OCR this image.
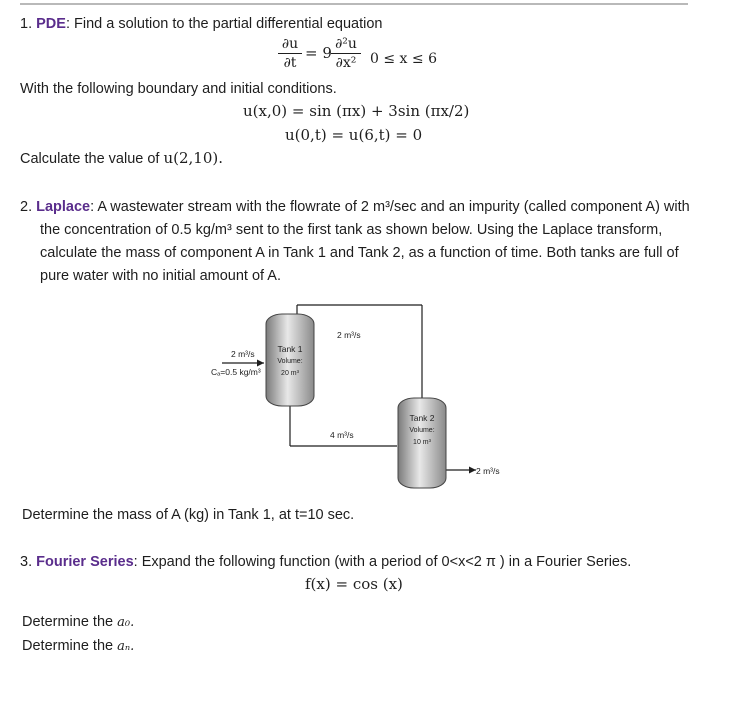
1. PDE: Find a solution to the partial differential equation
∂u
∂t
= 9 ∂²u
∂x² 0 ≤ x ≤ 6
With the following boundary and initial conditions.
u(x,0) = sin (πx) + 3sin (πx/2)
u(0,t) = u(6,t) = 0
Calculate the value of u(2,10).
2. Laplace: A wastewater stream with the flowrate of 2 m³/sec and an impurity (called component A) with
the concentration of 0.5 kg/m³ sent to the first tank as shown below. Using the Laplace transform,
calculate the mass of component A in Tank 1 and Tank 2, as a function of time. Both tanks are full of
pure water with no initial amount of A.
2 m³/s
Cₐ=0.5 kg/m³
Tank 1
Volume:
20 m³
2 m³/s
4 m³/s
Tank 2
Volume:
10 m³
2 m³/s
Determine the mass of A (kg) in Tank 1, at t=10 sec.
3. Fourier Series: Expand the following function (with a period of 0<x<2 π ) in a Fourier Series.
f(x) = cos (x)
Determine the a₀.
Determine the aₙ.
